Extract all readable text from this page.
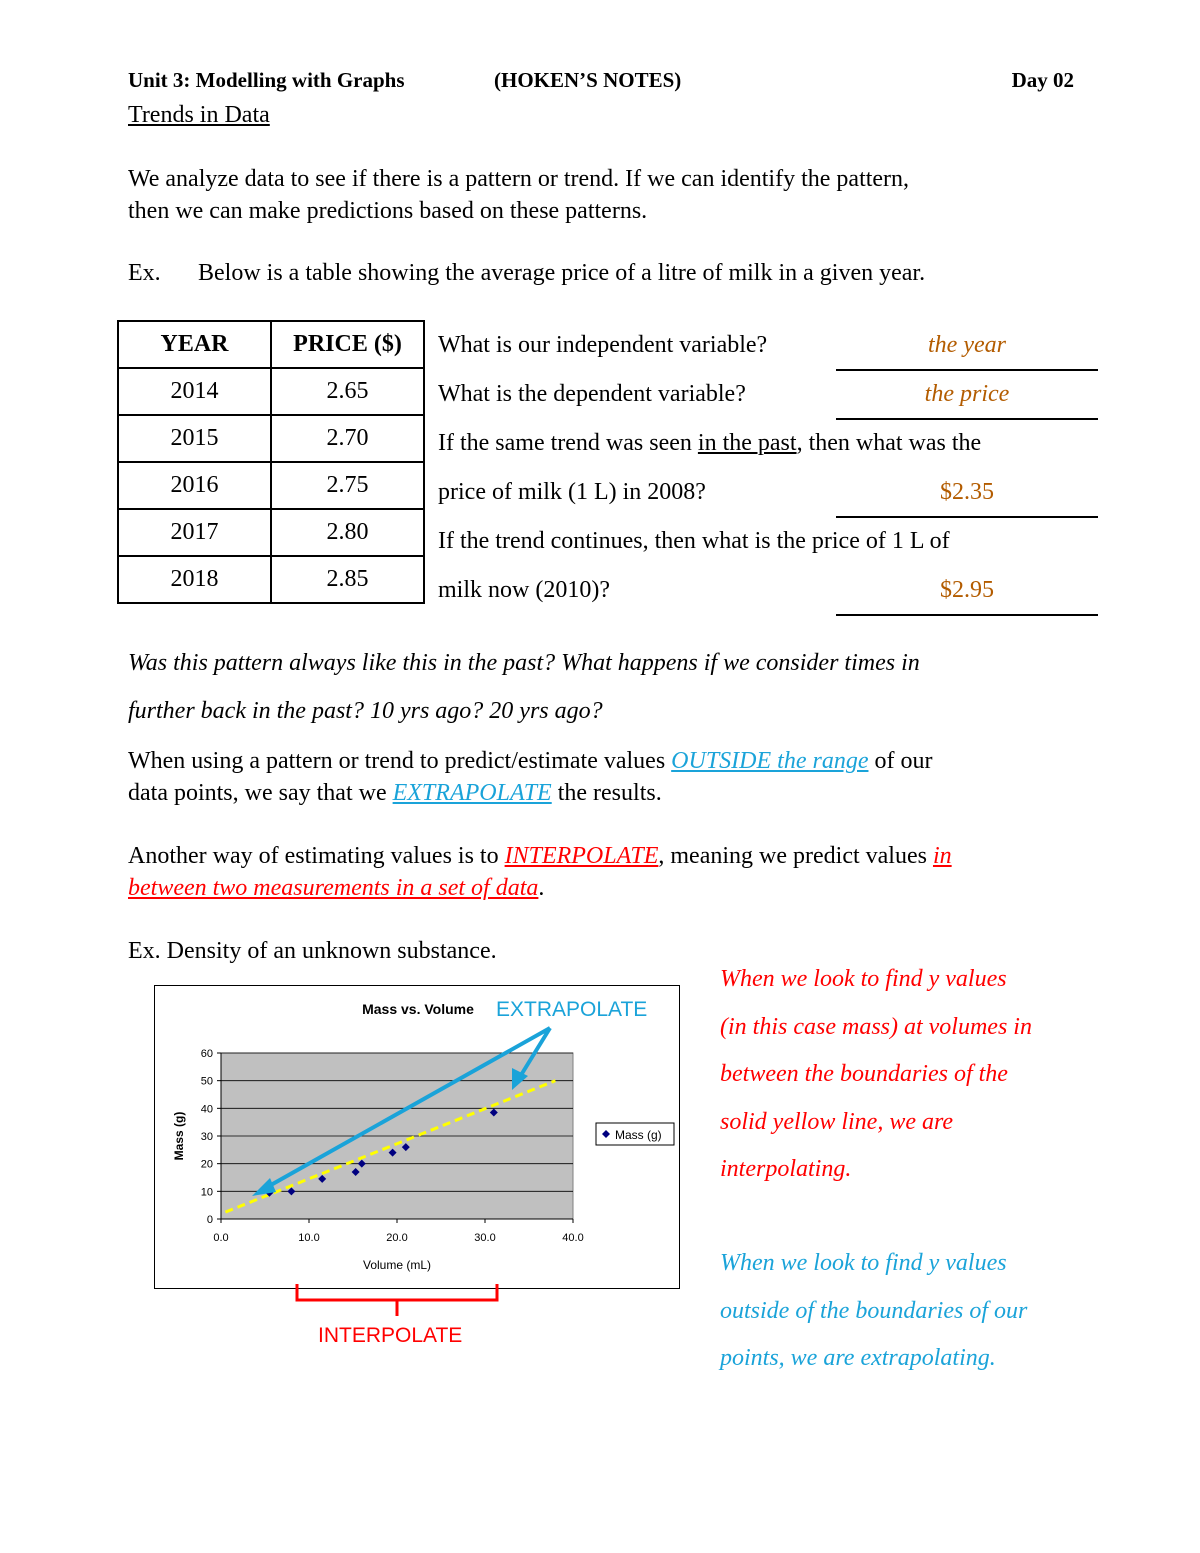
Unit 3: Modelling with Graphs	(HOKEN’S NOTES)	Day 02
Trends in Data
We analyze data to see if there is a pattern or trend. If we can identify the pattern,
then we can make predictions based on these patterns.
Ex. Below is a table showing the average price of a litre of milk in a given year.
YEAR	PRICE ($)
2014	2.65
2015	2.70
2016	2.75
2017	2.80
2018	2.85
What is our independent variable?	the year
What is the dependent variable?	the price
If the same trend was seen in the past, then what was the
price of milk (1 L) in 2008?	$2.35
If the trend continues, then what is the price of 1 L of
milk now (2010)?	$2.95
Was this pattern always like this in the past? What happens if we consider times in
further back in the past? 10 yrs ago? 20 yrs ago?
When using a pattern or trend to predict/estimate values OUTSIDE the range of our
data points, we say that we EXTRAPOLATE the results.
Another way of estimating values is to INTERPOLATE, meaning we predict values in
between two measurements in a set of data.
Ex. Density of an unknown substance.
When we look to find y values
(in this case mass) at volumes in
between the boundaries of the
solid yellow line, we are
interpolating.
When we look to find y values
outside of the boundaries of our
points, we are extrapolating.
0
10
20
30
40
50
60
0.0	10.0	20.0	30.0	40.0
Mass vs. Volume
Volume (mL)
Mass (g)	Mass (g)
EXTRAPOLATE
INTERPOLATE
